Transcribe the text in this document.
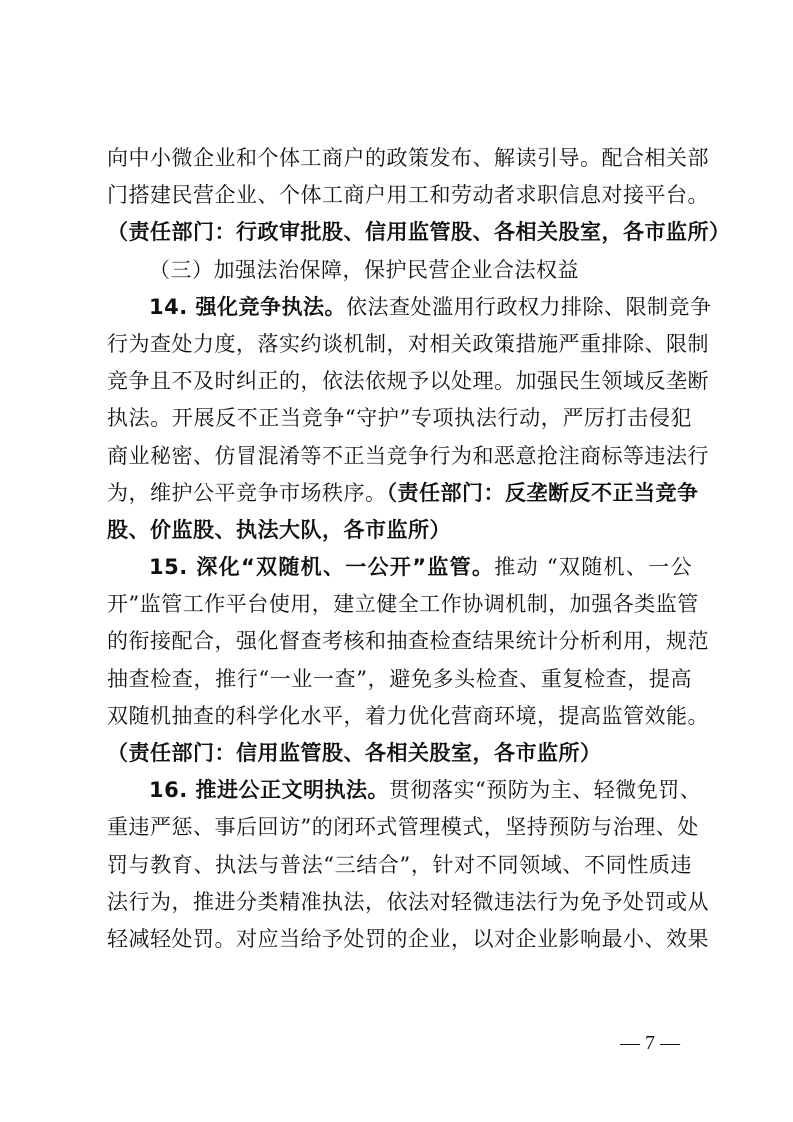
向中小微企业和个体工商户的政策发布、解读引导。配合相关部
门搭建民营企业、个体工商户用工和劳动者求职信息对接平台。
（责任部门：行政审批股、信用监管股、各相关股室，各市监所）
（三）加强法治保障，保护民营企业合法权益
14. 强化竞争执法。依法查处滥用行政权力排除、限制竞争
行为查处力度，落实约谈机制，对相关政策措施严重排除、限制
竞争且不及时纠正的，依法依规予以处理。加强民生领域反垄断
执法。开展反不正当竞争“守护”专项执法行动，严厉打击侵犯
商业秘密、仿冒混淆等不正当竞争行为和恶意抢注商标等违法行
为，维护公平竞争市场秩序。（责任部门：反垄断反不正当竞争
股、价监股、执法大队，各市监所）
15. 深化“双随机、一公开”监管。推动 “双随机、一公
开”监管工作平台使用，建立健全工作协调机制，加强各类监管
的衔接配合，强化督查考核和抽查检查结果统计分析利用，规范
抽查检查，推行“一业一查”，避免多头检查、重复检查，提高
双随机抽查的科学化水平，着力优化营商环境，提高监管效能。
（责任部门：信用监管股、各相关股室，各市监所）
16. 推进公正文明执法。贯彻落实“预防为主、轻微免罚、
重违严惩、事后回访”的闭环式管理模式，坚持预防与治理、处
罚与教育、执法与普法“三结合”，针对不同领域、不同性质违
法行为，推进分类精准执法，依法对轻微违法行为免予处罚或从
轻减轻处罚。对应当给予处罚的企业，以对企业影响最小、效果
— 7 —
